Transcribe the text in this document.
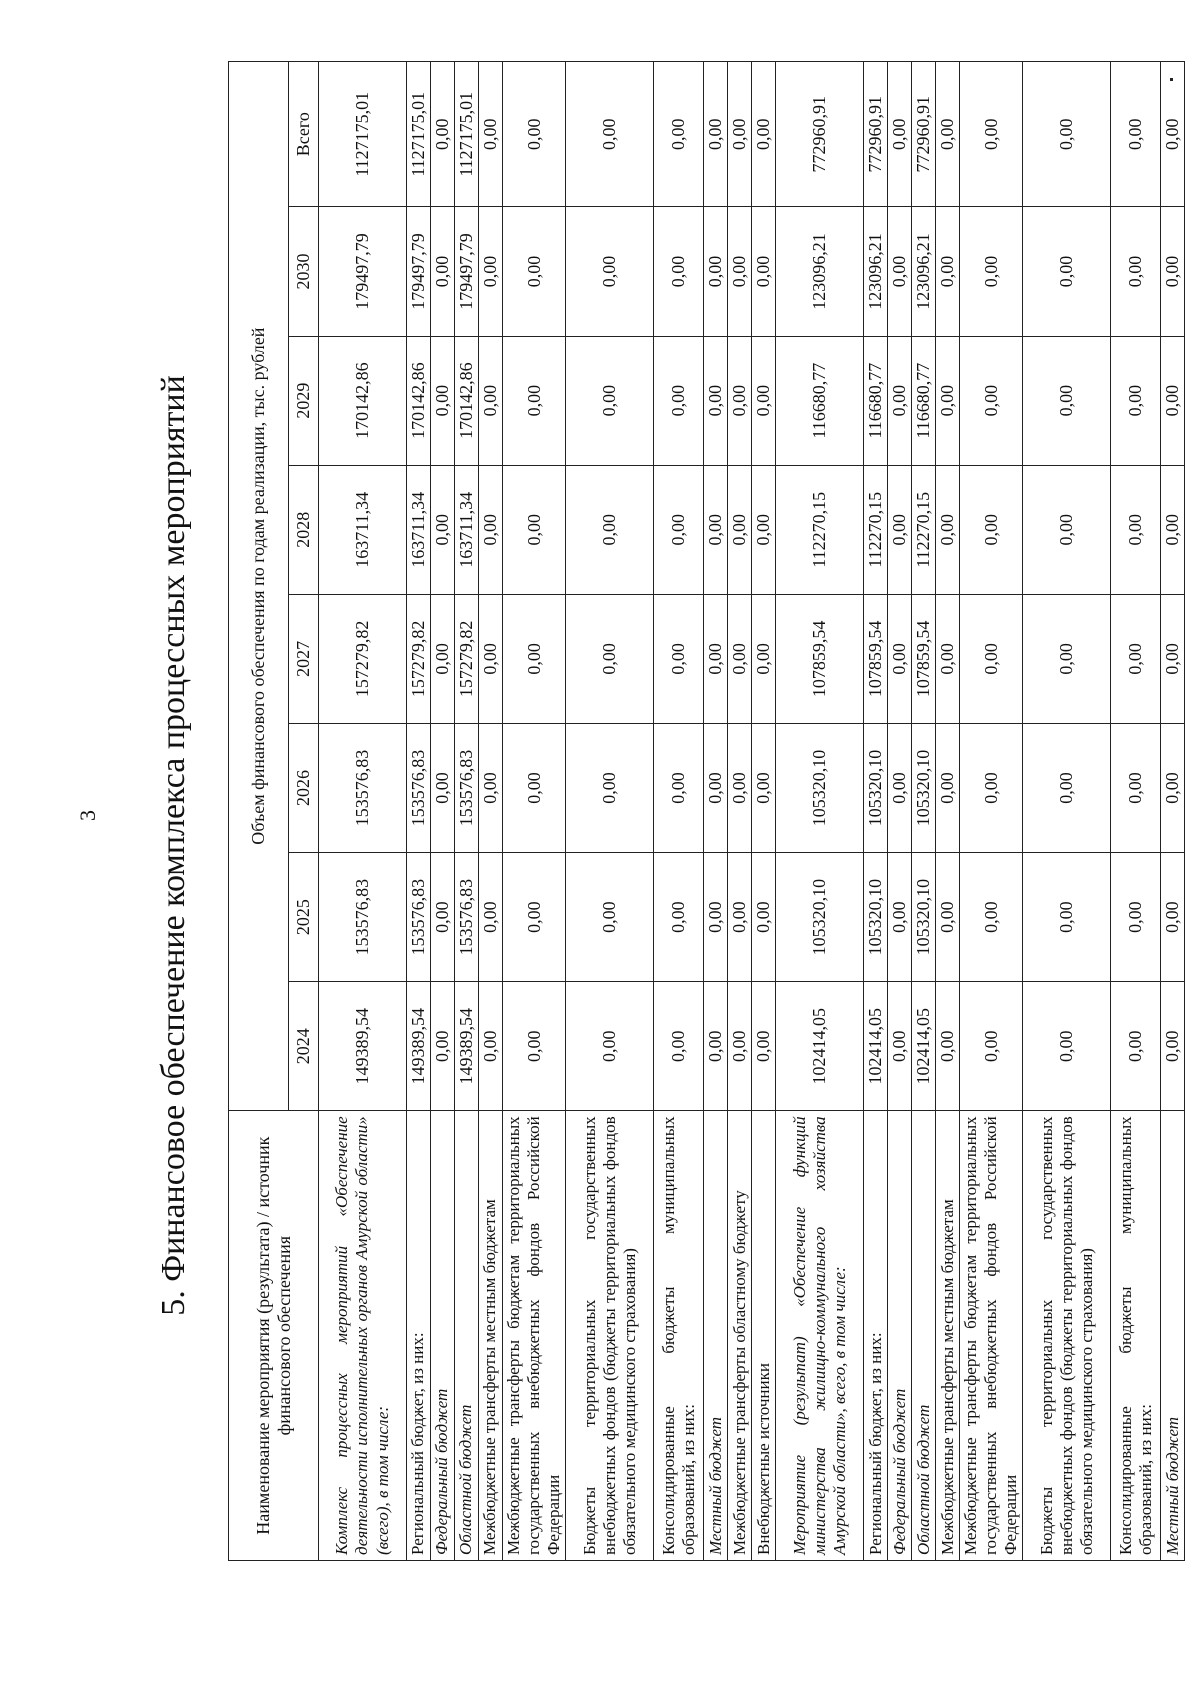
3 5. Финансовое обеспечение комплекса процессных мероприятий
Наименование мероприятия (результата) / источник финансового обеспечения	Объем финансового обеспечения по годам реализации, тыс. рублей							
	2024	2025	2026	2027	2028	2029	2030	Всего
Комплекс процессных мероприятий «Обеспечение деятельности исполнительных органов Амурской области» (всего), в том числе:	149389,54	153576,83	153576,83	157279,82	163711,34	170142,86	179497,79	1127175,01
Региональный бюджет, из них:	149389,54	153576,83	153576,83	157279,82	163711,34	170142,86	179497,79	1127175,01
Федеральный бюджет	0,00	0,00	0,00	0,00	0,00	0,00	0,00	0,00
Областной бюджет	149389,54	153576,83	153576,83	157279,82	163711,34	170142,86	179497,79	1127175,01
Межбюджетные трансферты местным бюджетам	0,00	0,00	0,00	0,00	0,00	0,00	0,00	0,00
Межбюджетные трансферты бюджетам территориальных государственных внебюджетных фондов Российской Федерации	0,00	0,00	0,00	0,00	0,00	0,00	0,00	0,00
Бюджеты территориальных государственных внебюджетных фондов (бюджеты территориальных фондов обязательного медицинского страхования)	0,00	0,00	0,00	0,00	0,00	0,00	0,00	0,00
Консолидированные бюджеты муниципальных образований, из них:	0,00	0,00	0,00	0,00	0,00	0,00	0,00	0,00
Местный бюджет	0,00	0,00	0,00	0,00	0,00	0,00	0,00	0,00
Межбюджетные трансферты областному бюджету	0,00	0,00	0,00	0,00	0,00	0,00	0,00	0,00
Внебюджетные источники	0,00	0,00	0,00	0,00	0,00	0,00	0,00	0,00
Мероприятие (результат) «Обеспечение функций министерства жилищно-коммунального хозяйства Амурской области», всего, в том числе:	102414,05	105320,10	105320,10	107859,54	112270,15	116680,77	123096,21	772960,91
Региональный бюджет, из них:	102414,05	105320,10	105320,10	107859,54	112270,15	116680,77	123096,21	772960,91
Федеральный бюджет	0,00	0,00	0,00	0,00	0,00	0,00	0,00	0,00
Областной бюджет	102414,05	105320,10	105320,10	107859,54	112270,15	116680,77	123096,21	772960,91
Межбюджетные трансферты местным бюджетам	0,00	0,00	0,00	0,00	0,00	0,00	0,00	0,00
Межбюджетные трансферты бюджетам территориальных государственных внебюджетных фондов Российской Федерации	0,00	0,00	0,00	0,00	0,00	0,00	0,00	0,00
Бюджеты территориальных государственных внебюджетных фондов (бюджеты территориальных фондов обязательного медицинского страхования)	0,00	0,00	0,00	0,00	0,00	0,00	0,00	0,00
Консолидированные бюджеты муниципальных образований, из них:	0,00	0,00	0,00	0,00	0,00	0,00	0,00	0,00
Местный бюджет	0,00	0,00	0,00	0,00	0,00	0,00	0,00	0,00
